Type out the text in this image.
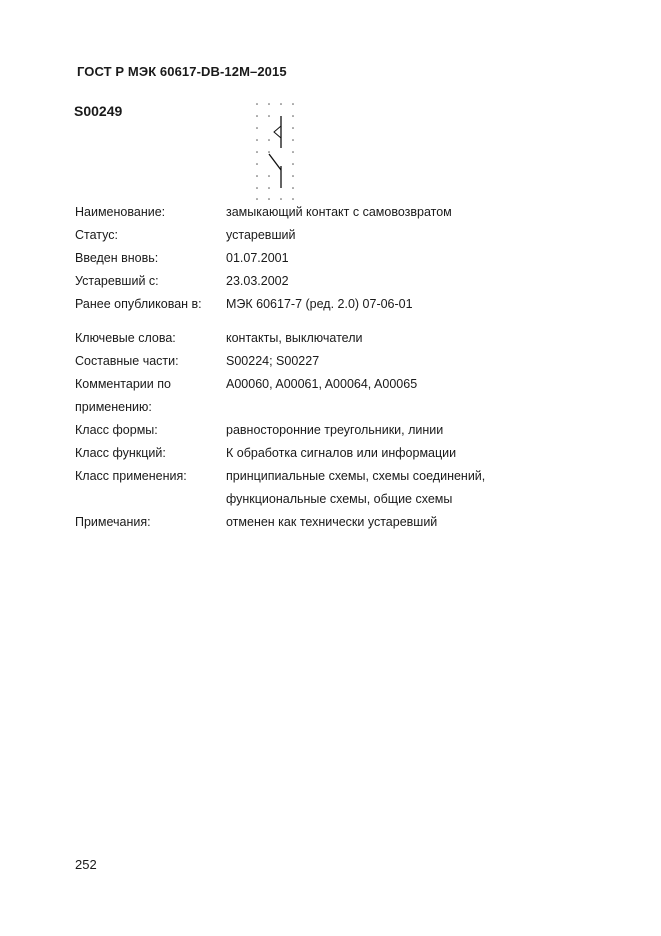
ГОСТ Р МЭК 60617-DB-12M–2015
S00249
Наименование:	замыкающий контакт с самовозвратом
Статус:	устаревший
Введен вновь:	01.07.2001
Устаревший с:	23.03.2002
Ранее опубликован в: МЭК 60617-7 (ред. 2.0) 07-06-01
Ключевые слова:	контакты, выключатели
Составные части:	S00224; S00227
Комментарии по	A00060, A00061, A00064, A00065
применению:
Класс формы:	равносторонние треугольники, линии
Класс функций:	К обработка сигналов или информации
Класс применения:	принципиальные схемы, схемы соединений,
функциональные схемы, общие схемы
Примечания:	отменен как технически устаревший
252
